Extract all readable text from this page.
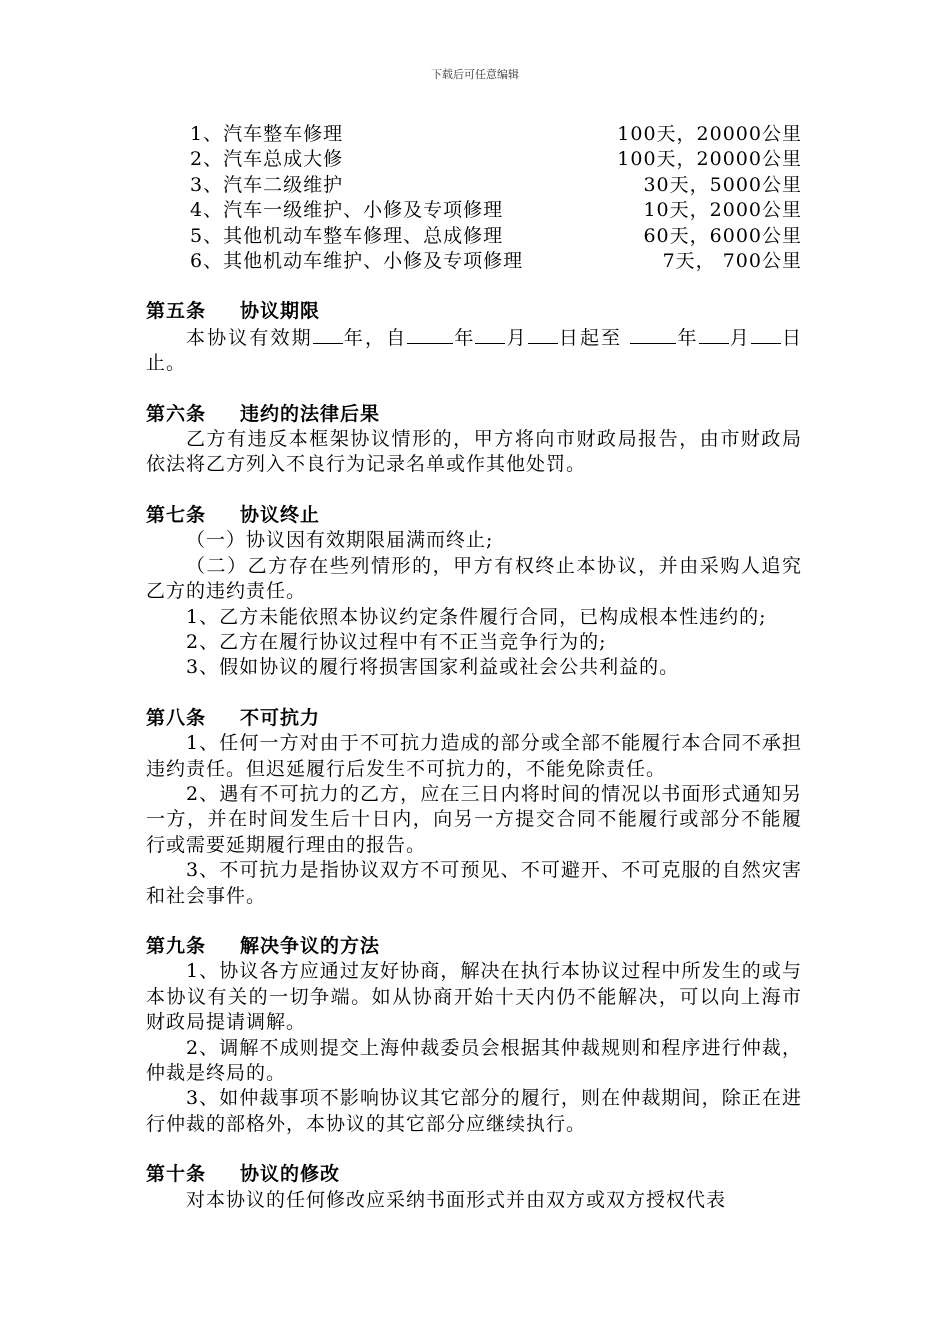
下载后可任意编辑
1、汽车整车修理	100天，20000公里
2、汽车总成大修	100天，20000公里
3、汽车二级维护	30天，5000公里
4、汽车一级维护、小修及专项修理	10天，2000公里
5、其他机动车整车修理、总成修理	60天，6000公里
6、其他机动车维护、小修及专项修理	7天， 700公里
第五条 协议期限
本协议有效期 年，自 年 月 日起至	年 月 日止。
第六条 违约的法律后果
乙方有违反本框架协议情形的，甲方将向市财政局报告，由市财政局依法将乙方列入不良行为记录名单或作其他处罚。
第七条 协议终止
（一）协议因有效期限届满而终止;
（二）乙方存在些列情形的，甲方有权终止本协议，并由采购人追究乙方的违约责任。
1、乙方未能依照本协议约定条件履行合同，已构成根本性违约的;
2、乙方在履行协议过程中有不正当竞争行为的;
3、假如协议的履行将损害国家利益或社会公共利益的。
第八条 不可抗力
1、任何一方对由于不可抗力造成的部分或全部不能履行本合同不承担违约责任。但迟延履行后发生不可抗力的，不能免除责任。
2、遇有不可抗力的乙方，应在三日内将时间的情况以书面形式通知另一方，并在时间发生后十日内，向另一方提交合同不能履行或部分不能履行或需要延期履行理由的报告。
3、不可抗力是指协议双方不可预见、不可避开、不可克服的自然灾害和社会事件。
第九条 解决争议的方法
1、协议各方应通过友好协商，解决在执行本协议过程中所发生的或与本协议有关的一切争端。如从协商开始十天内仍不能解决，可以向上海市财政局提请调解。
2、调解不成则提交上海仲裁委员会根据其仲裁规则和程序进行仲裁，仲裁是终局的。
3、如仲裁事项不影响协议其它部分的履行，则在仲裁期间，除正在进行仲裁的部格外，本协议的其它部分应继续执行。
第十条 协议的修改
对本协议的任何修改应采纳书面形式并由双方或双方授权代表
